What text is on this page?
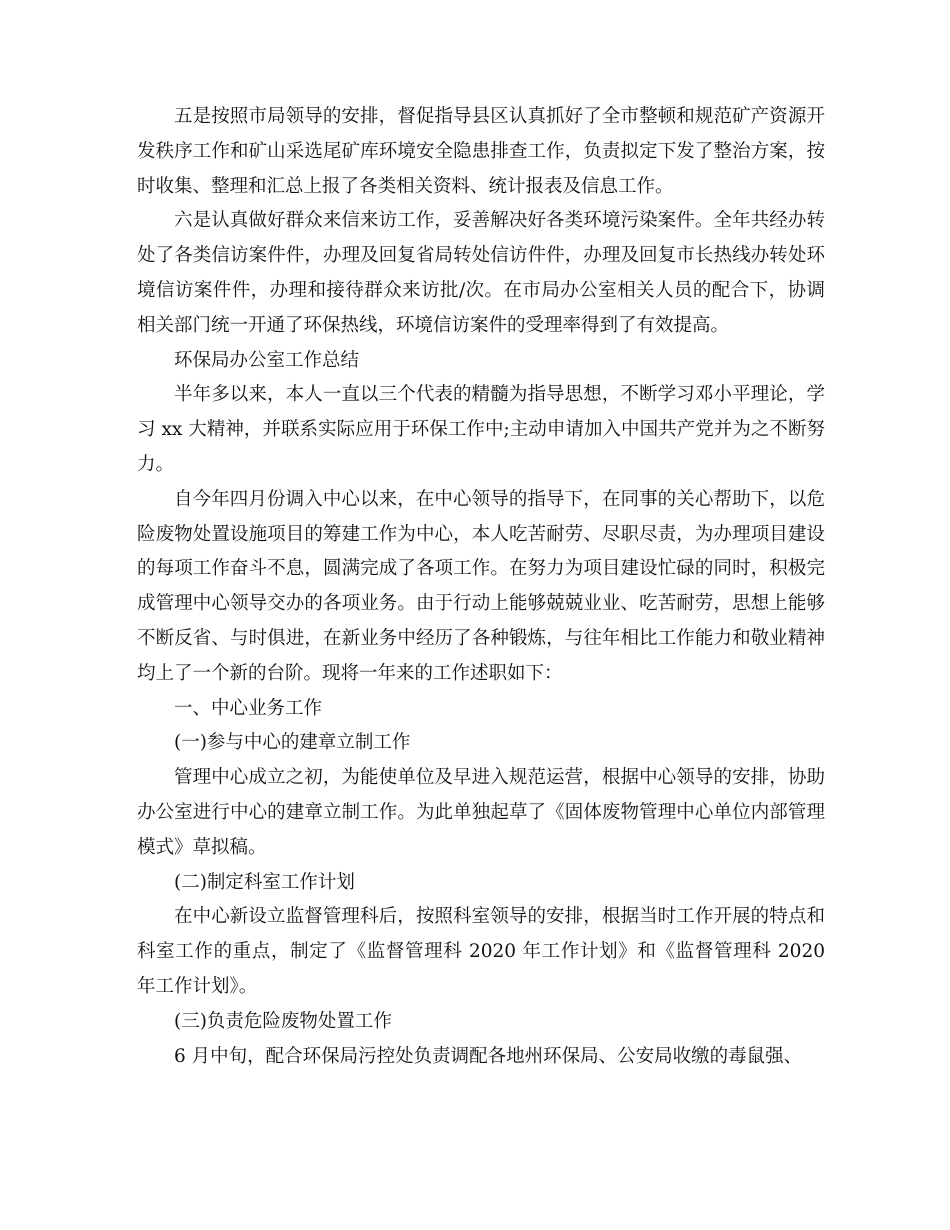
五是按照市局领导的安排，督促指导县区认真抓好了全市整顿和规范矿产资源开发秩序工作和矿山采选尾矿库环境安全隐患排查工作，负责拟定下发了整治方案，按时收集、整理和汇总上报了各类相关资料、统计报表及信息工作。

六是认真做好群众来信来访工作，妥善解决好各类环境污染案件。全年共经办转处了各类信访案件件，办理及回复省局转处信访件件，办理及回复市长热线办转处环境信访案件件，办理和接待群众来访批/次。在市局办公室相关人员的配合下，协调相关部门统一开通了环保热线，环境信访案件的受理率得到了有效提高。

环保局办公室工作总结

半年多以来，本人一直以三个代表的精髓为指导思想，不断学习邓小平理论，学习 xx 大精神，并联系实际应用于环保工作中;主动申请加入中国共产党并为之不断努力。

自今年四月份调入中心以来，在中心领导的指导下，在同事的关心帮助下，以危险废物处置设施项目的筹建工作为中心，本人吃苦耐劳、尽职尽责，为办理项目建设的每项工作奋斗不息，圆满完成了各项工作。在努力为项目建设忙碌的同时，积极完成管理中心领导交办的各项业务。由于行动上能够兢兢业业、吃苦耐劳，思想上能够不断反省、与时俱进，在新业务中经历了各种锻炼，与往年相比工作能力和敬业精神均上了一个新的台阶。现将一年来的工作述职如下：

一、中心业务工作

(一)参与中心的建章立制工作

管理中心成立之初，为能使单位及早进入规范运营，根据中心领导的安排，协助办公室进行中心的建章立制工作。为此单独起草了《固体废物管理中心单位内部管理模式》草拟稿。

(二)制定科室工作计划

在中心新设立监督管理科后，按照科室领导的安排，根据当时工作开展的特点和科室工作的重点，制定了《监督管理科 2020 年工作计划》和《监督管理科 2020 年工作计划》。

(三)负责危险废物处置工作

6 月中旬，配合环保局污控处负责调配各地州环保局、公安局收缴的毒鼠强、
